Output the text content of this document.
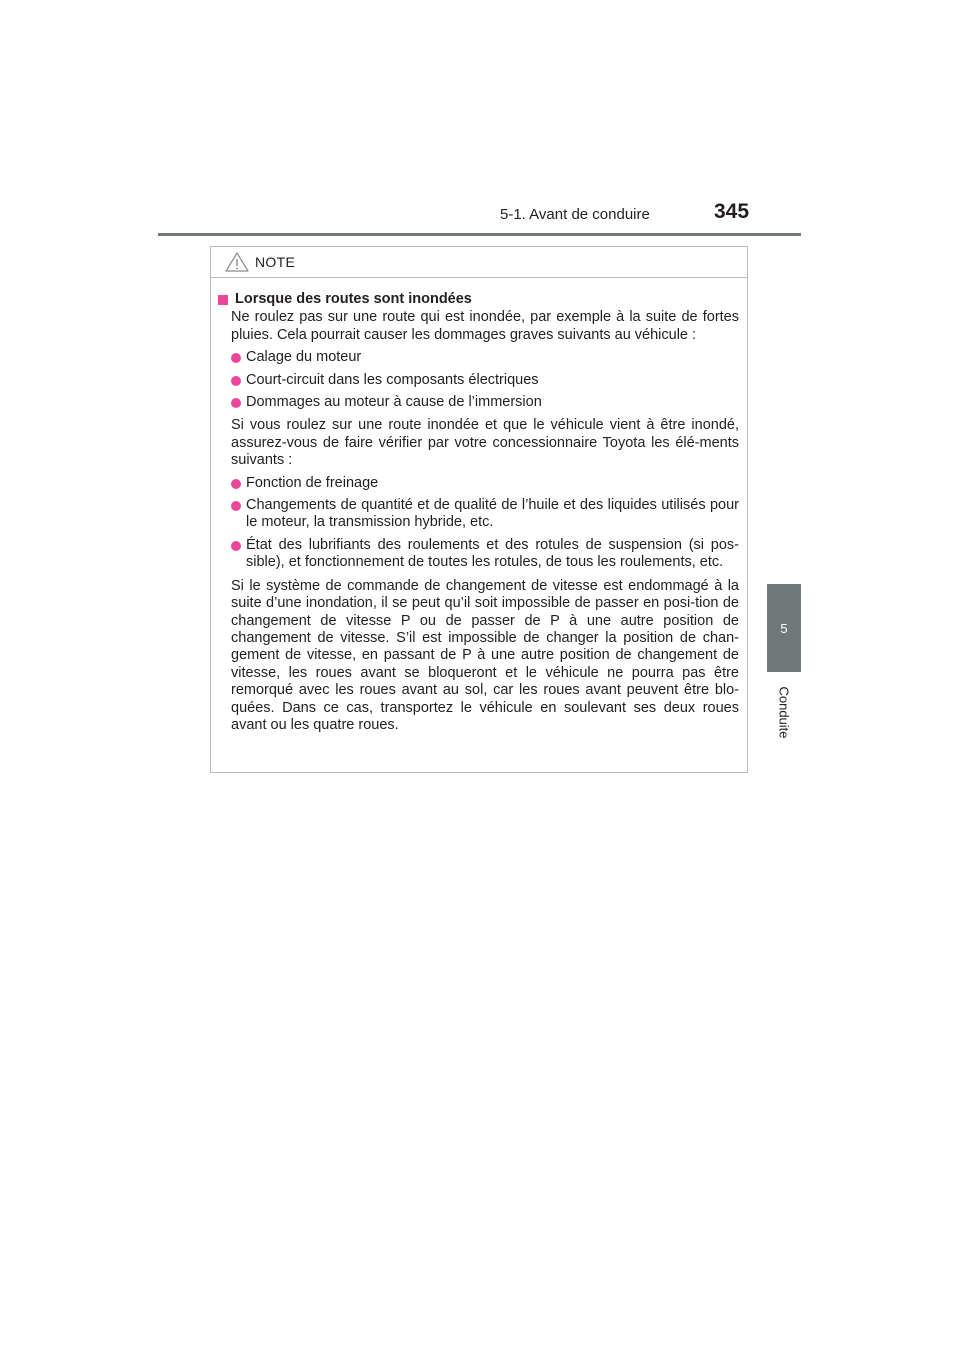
5-1. Avant de conduire	345
5
Conduite
NOTE
Lorsque des routes sont inondées

Ne roulez pas sur une route qui est inondée, par exemple à la suite de fortes pluies. Cela pourrait causer les dommages graves suivants au véhicule :

Calage du moteur
Court-circuit dans les composants électriques
Dommages au moteur à cause de l’immersion

Si vous roulez sur une route inondée et que le véhicule vient à être inondé, assurez-vous de faire vérifier par votre concessionnaire Toyota les élé-ments suivants :

Fonction de freinage
Changements de quantité et de qualité de l’huile et des liquides utilisés pour le moteur, la transmission hybride, etc.
État des lubrifiants des roulements et des rotules de suspension (si pos-sible), et fonctionnement de toutes les rotules, de tous les roulements, etc.

Si le système de commande de changement de vitesse est endommagé à la suite d’une inondation, il se peut qu’il soit impossible de passer en posi-tion de changement de vitesse P ou de passer de P à une autre position de changement de vitesse. S’il est impossible de changer la position de chan-gement de vitesse, en passant de P à une autre position de changement de vitesse, les roues avant se bloqueront et le véhicule ne pourra pas être remorqué avec les roues avant au sol, car les roues avant peuvent être blo-quées. Dans ce cas, transportez le véhicule en soulevant ses deux roues avant ou les quatre roues.
